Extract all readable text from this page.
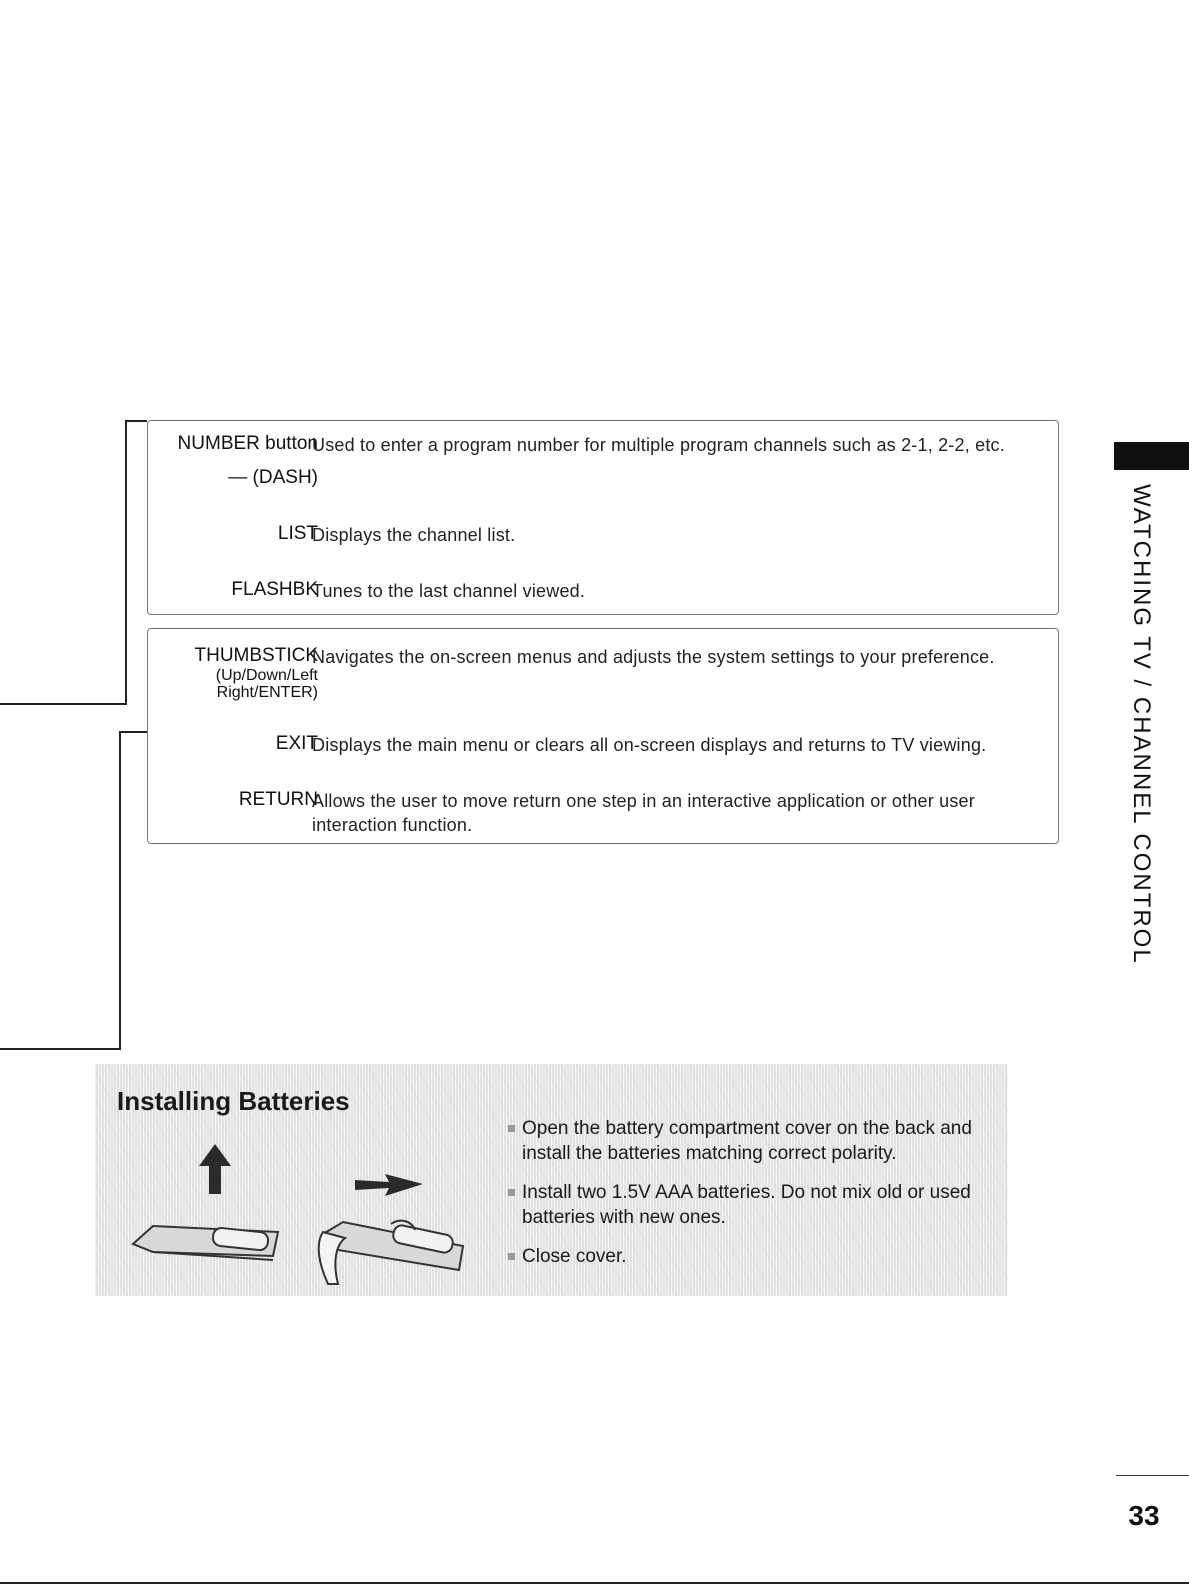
NUMBER button
Used to enter a program number for multiple program channels such as 2-1, 2-2, etc.
— (DASH)
LIST
Displays the channel list.
FLASHBK
Tunes to the last channel viewed.
THUMBSTICK
(Up/Down/Left
Right/ENTER)
Navigates the on-screen menus and adjusts the system settings to your preference.
EXIT
Displays the main menu or clears all on-screen displays and returns to TV viewing.
RETURN
Allows the user to move return one step in an interactive application or other user interaction function.	WATCHING TV / CHANNEL CONTROL
Installing Batteries
Open the battery compartment cover on the back and install the batteries matching correct polarity.
Install two 1.5V AAA batteries. Do not mix old or used batteries with new ones.
Close cover.
33
